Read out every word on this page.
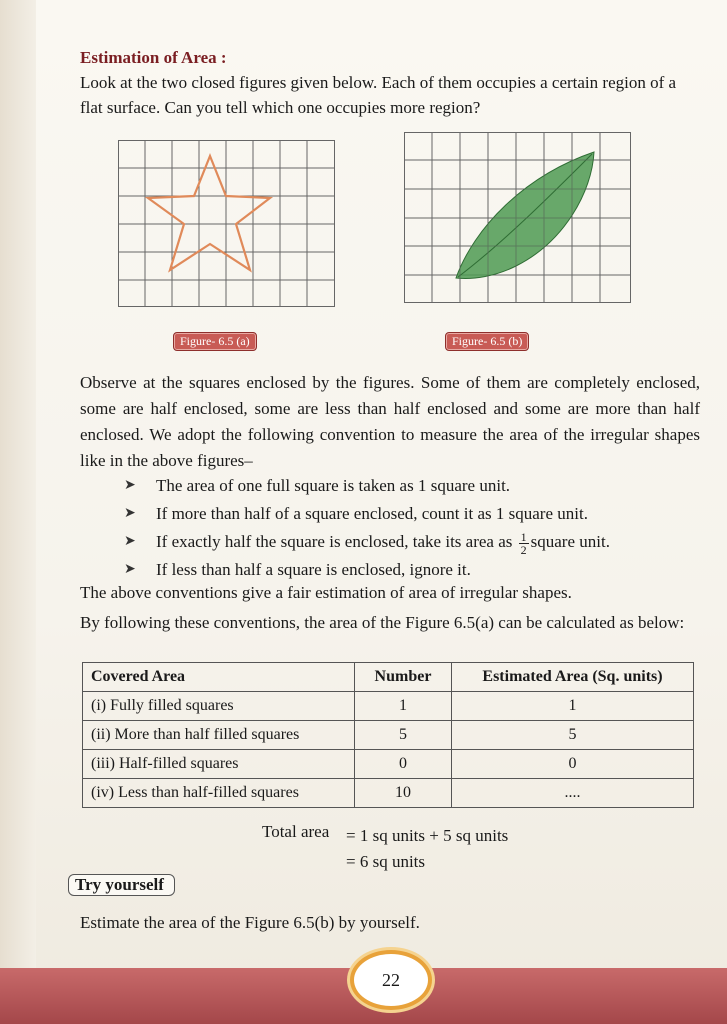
Estimation of Area :
Look at the two closed figures given below. Each of them occupies a certain region of a flat surface. Can you tell which one occupies more region?
Figure- 6.5 (a)	Figure- 6.5 (b)
Observe at the squares enclosed by the figures. Some of them are completely enclosed, some are half enclosed, some are less than half enclosed and some are more than half enclosed. We adopt the following convention to measure the area of the irregular shapes like in the above figures–
➤ The area of one full square is taken as 1 square unit.
➤ If more than half of a square enclosed, count it as 1 square unit.
➤ If exactly half the square is enclosed, take its area as $\frac{1}{2}$ square unit.
➤ If less than half a square is enclosed, ignore it.
The above conventions give a fair estimation of area of irregular shapes.
By following these conventions, the area of the Figure 6.5(a) can be calculated as below:
Covered Area	Number	Estimated Area (Sq. units)
(i) Fully filled squares	1	1
(ii) More than half filled squares	5	5
(iii) Half-filled squares	0	0
(iv) Less than half-filled squares	10	....
Total area = 1 sq units + 5 sq units
= 6 sq units
Try yourself
Estimate the area of the Figure 6.5(b) by yourself.
22
